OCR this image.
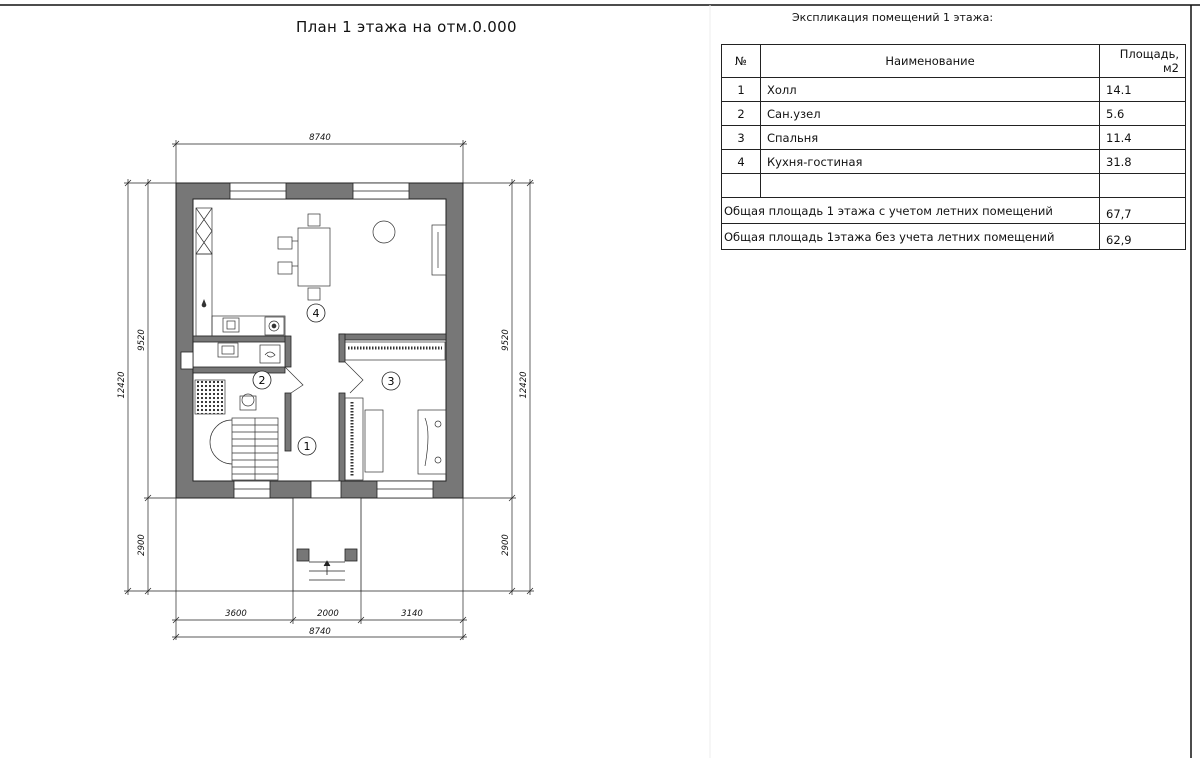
План 1 этажа на отм.0.000
Экспликация помещений 1 этажа:
№	Наименование	Площадь, м2
1	Холл	14.1
2	Сан.узел	5.6
3	Спальня	11.4
4	Кухня-гостиная	31.8

Общая площадь 1 этажа с учетом летних помещений		67,7
Общая площадь 1этажа без учета летних помещений		62,9
4
2	3
1
8740
3600	2000	3140
8740
12420
9520
2900
9520
2900
12420
